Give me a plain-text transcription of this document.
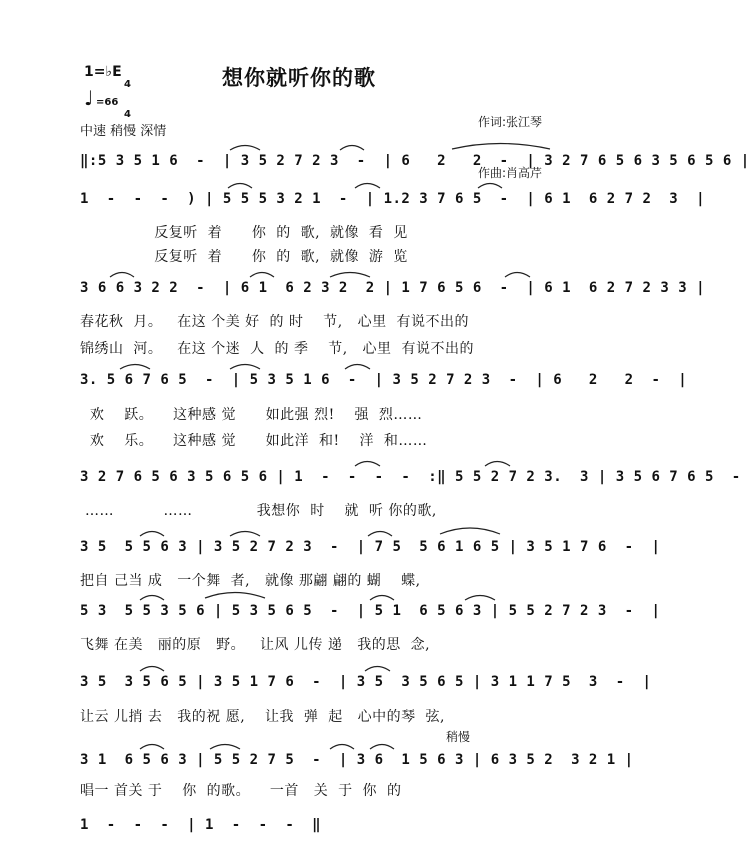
想你就听你的歌

作词:张江琴

作曲:肖高芹

1=♭E

4

4

♩ =66
中速 稍慢 深情
稍慢
‖:5 3 5 1 6  -  | 3 5 2 7 2 3  -  | 6   2   2  -  | 3 2 7 6 5 6 3 5 6 5 6 |
1  -  -  -  ) | 5 5 5 3 2 1  -  | 1.2 3 7 6 5  -  | 6 1  6 2 7 2  3  |
反复听  着      你  的  歌,  就像  看  见
反复听  着      你  的  歌,  就像  游  览
3 6 6 3 2 2  -  | 6 1  6 2 3 2  2 | 1 7 6 5 6  -  | 6 1  6 2 7 2 3 3 |
春花秋  月。   在这 个美 好  的 时    节,   心里  有说不出的
锦绣山  河。   在这 个迷  人  的 季    节,   心里  有说不出的
3. 5 6 7 6 5  -  | 5 3 5 1 6  -  | 3 5 2 7 2 3  -  | 6   2   2  -  |
欢    跃。    这种感 觉      如此强 烈!    强  烈……
欢    乐。    这种感 觉      如此洋  和!    洋  和……
3 2 7 6 5 6 3 5 6 5 6 | 1  -  -  -  -  :‖ 5 5 2 7 2 3.  3 | 3 5 6 7 6 5  -
……          ……             我想你  时    就  听 你的歌,
3 5  5 5 6 3 | 3 5 2 7 2 3  -  | 7 5  5 6 1 6 5 | 3 5 1 7 6  -  |
把自 己当 成   一个舞  者,   就像 那翩 翩的 蝴    蝶,
5 3  5 5 3 5 6 | 5 3 5 6 5  -  | 5 1  6 5 6 3 | 5 5 2 7 2 3  -  |
飞舞 在美   丽的原   野。   让风 儿传 递   我的思  念,
3 5  3 5 6 5 | 3 5 1 7 6  -  | 3 5  3 5 6 5 | 3 1 1 7 5  3  -  |
让云 儿捎 去   我的祝 愿,    让我  弹  起   心中的琴  弦,
3 1  6 5 6 3 | 5 5 2 7 5  -  | 3 6  1 5 6 3 | 6 3 5 2  3 2 1 |
唱一 首关 于    你  的歌。    一首   关  于  你  的
1  -  -  -  | 1  -  -  -  ‖
